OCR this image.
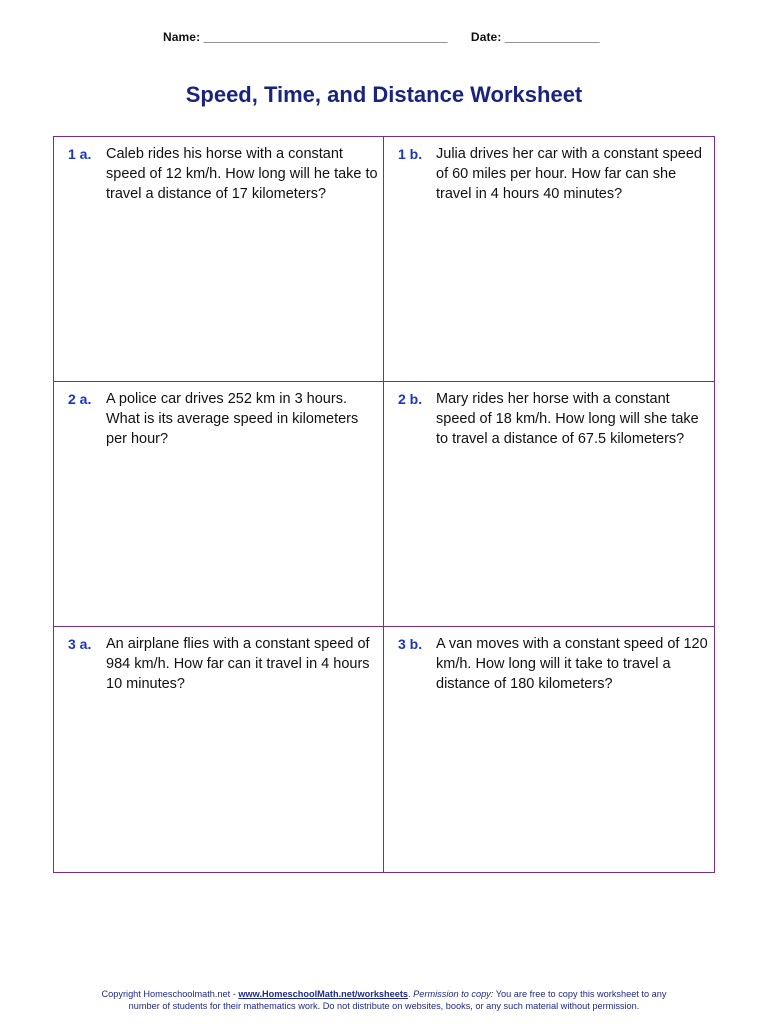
Name: ____________________________________ Date: ______________
Speed, Time, and Distance Worksheet
1 a. Caleb rides his horse with a constant speed of 12 km/h. How long will he take to travel a distance of 17 kilometers?
1 b. Julia drives her car with a constant speed of 60 miles per hour. How far can she travel in 4 hours 40 minutes?
2 a. A police car drives 252 km in 3 hours. What is its average speed in kilometers per hour?
2 b. Mary rides her horse with a constant speed of 18 km/h. How long will she take to travel a distance of 67.5 kilometers?
3 a. An airplane flies with a constant speed of 984 km/h. How far can it travel in 4 hours 10 minutes?
3 b. A van moves with a constant speed of 120 km/h. How long will it take to travel a distance of 180 kilometers?
Copyright Homeschoolmath.net - www.HomeschoolMath.net/worksheets. Permission to copy: You are free to copy this worksheet to any
number of students for their mathematics work. Do not distribute on websites, books, or any such material without permission.
